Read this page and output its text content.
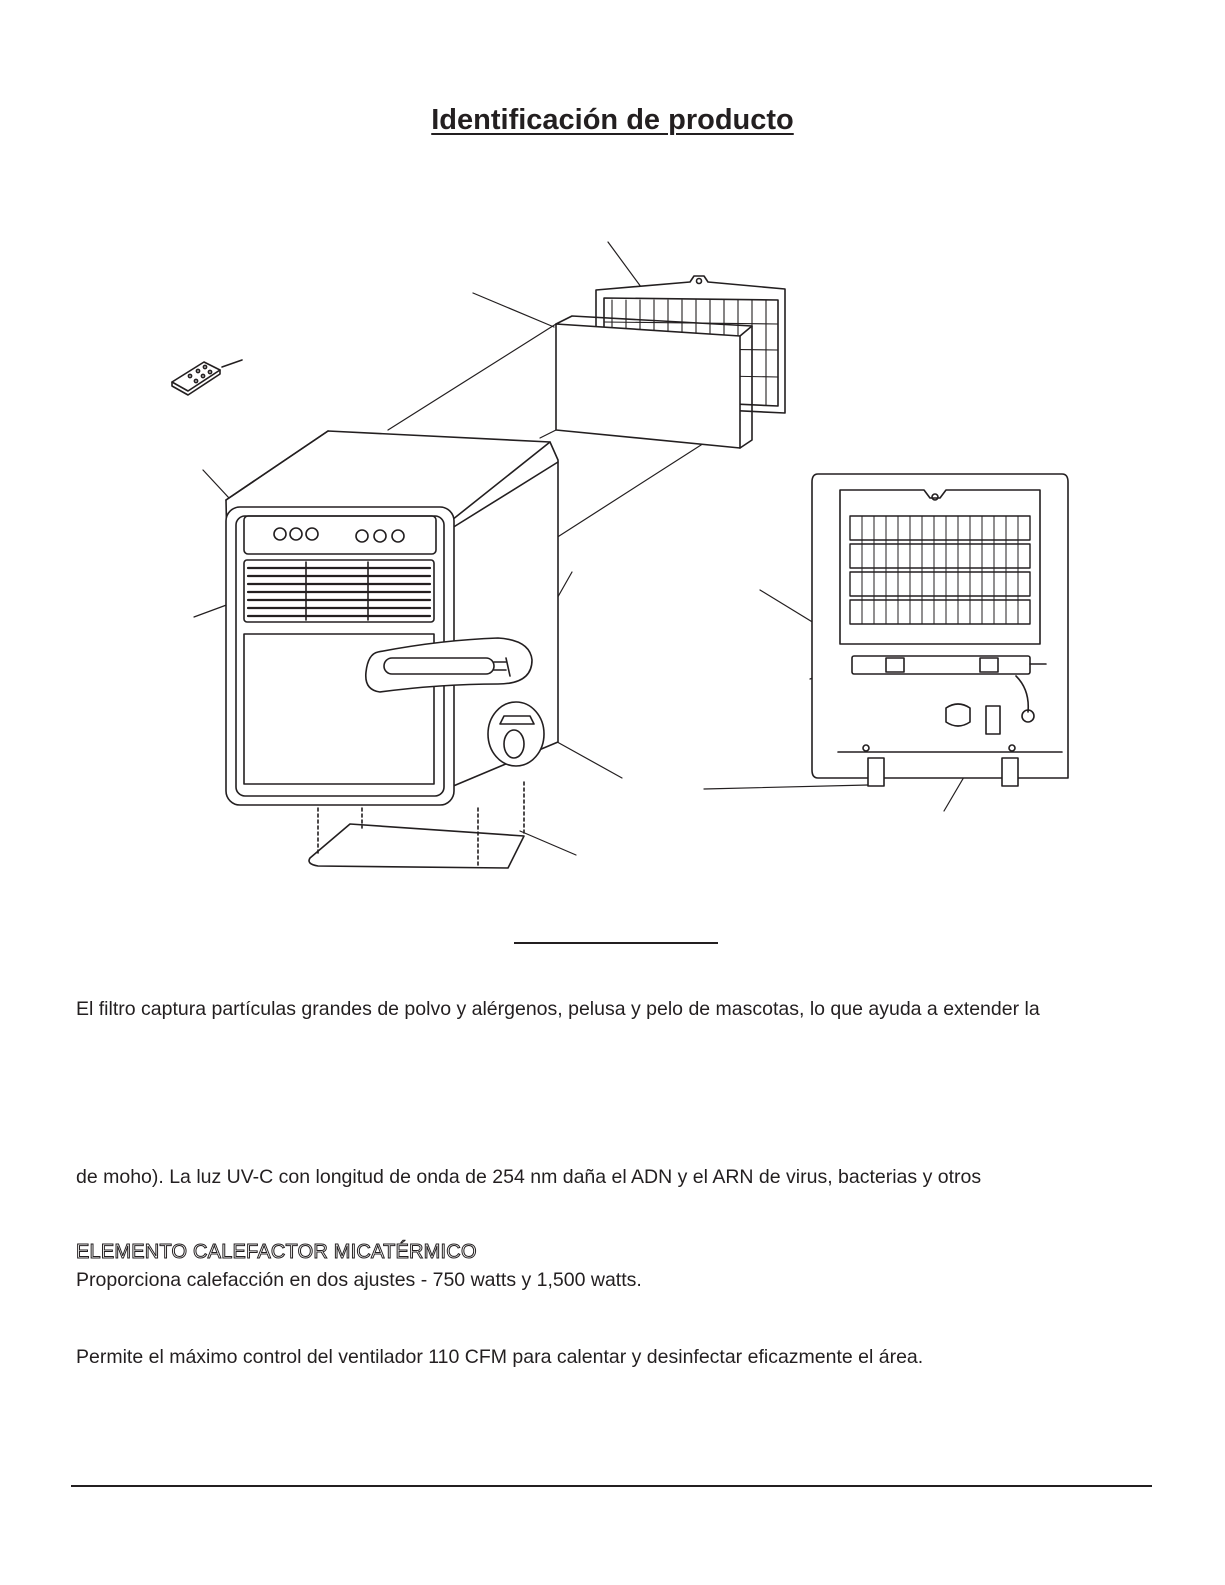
Identificación de producto

El filtro captura partículas grandes de polvo y alérgenos, pelusa y pelo de mascotas, lo que ayuda a extender la

de moho). La luz UV-C con longitud de onda de 254 nm daña el ADN y el ARN de virus, bacterias y otros

ELEMENTO CALEFACTOR MICATÉRMICO

Proporciona calefacción en dos ajustes - 750 watts y 1,500 watts.

Permite el máximo control del ventilador 110 CFM para calentar y desinfectar eficazmente el área.
